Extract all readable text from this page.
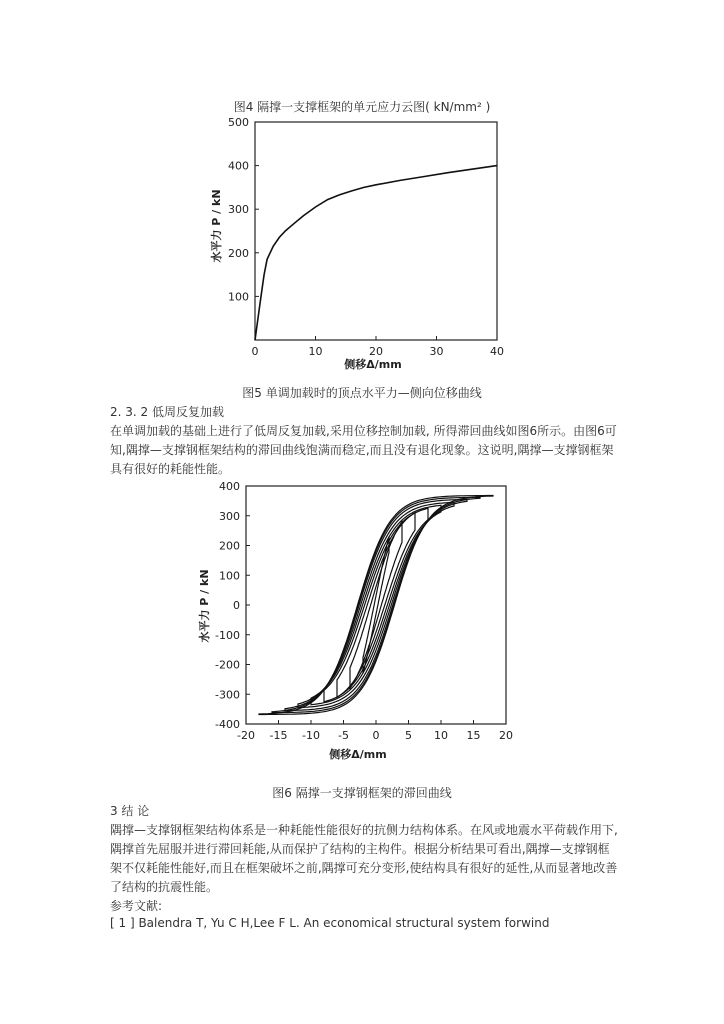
图4 隔撑一支撑框架的单元应力云图( kN/mm² )
0	10	20	30	40
100
200
300
400
500
水平力 P / kN
侧移Δ/mm
图5 单调加载时的顶点水平力—侧向位移曲线
2. 3. 2 低周反复加载
在单调加载的基础上进行了低周反复加载,采用位移控制加载, 所得滞回曲线如图6所示。由图6可知,隅撑—支撑钢框架结构的滞回曲线饱满而稳定,而且没有退化现象。这说明,隅撑—支撑钢框架具有很好的耗能性能。
-20 -15 -10 -5 0 5 10 15 20
-400
-300
-200
-100
0
100
200
300
400
水平力 P / kN
侧移Δ/mm
图6 隔撑一支撑钢框架的滞回曲线
3 结 论
隅撑—支撑钢框架结构体系是一种耗能性能很好的抗侧力结构体系。在风或地震水平荷载作用下,隅撑首先屈服并进行滞回耗能,从而保护了结构的主构件。根据分析结果可看出,隅撑—支撑钢框架不仅耗能性能好,而且在框架破坏之前,隅撑可充分变形,使结构具有很好的延性,从而显著地改善了结构的抗震性能。
参考文献:
[ 1 ] Balendra T, Yu C H,Lee F L. An economical structural system forwind
